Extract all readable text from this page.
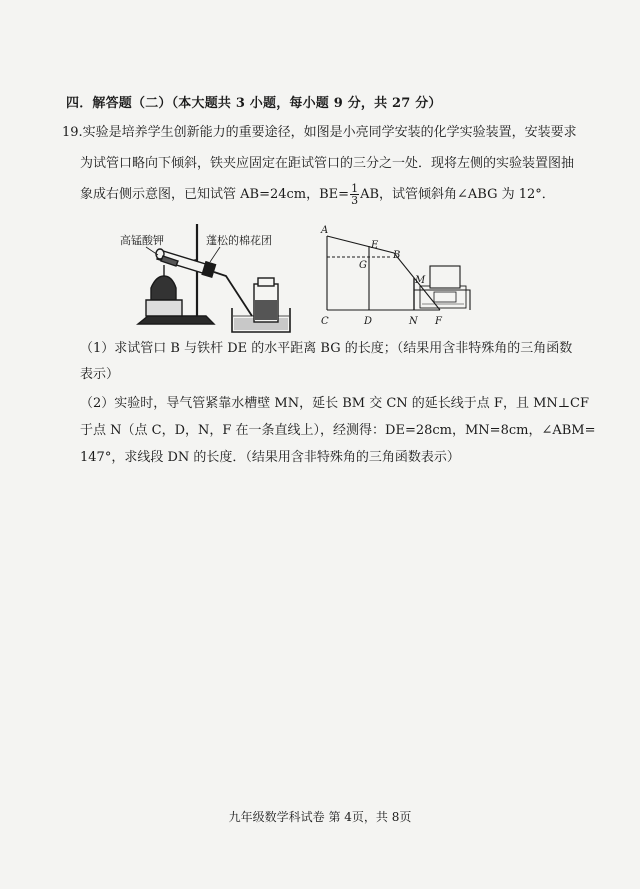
四．解答题（二）（本大题共 3 小题，每小题 9 分，共 27 分）
19.实验是培养学生创新能力的重要途径，如图是小亮同学安装的化学实验装置，安装要求
为试管口略向下倾斜，铁夹应固定在距试管口的三分之一处．现将左侧的实验装置图抽
象成右侧示意图，已知试管 AB=24cm，$BE= \frac{1}{3}$ AB，试管倾斜角∠ABG 为 12°．
高锰酸钾	蓬松的棉花团
A
E
B
G
M
C	D	N F
（1）求试管口 B 与铁杆 DE 的水平距离 BG 的长度；（结果用含非特殊角的三角函数
表示）
（2）实验时，导气管紧靠水槽壁 MN，延长 BM 交 CN 的延长线于点 F，且 MN⊥CF
于点 N（点 C，D，N，F 在一条直线上），经测得：DE=28cm，MN=8cm，∠ABM=
147°，求线段 DN 的长度．（结果用含非特殊角的三角函数表示）
九年级数学科试卷 第 4页，共 8页
